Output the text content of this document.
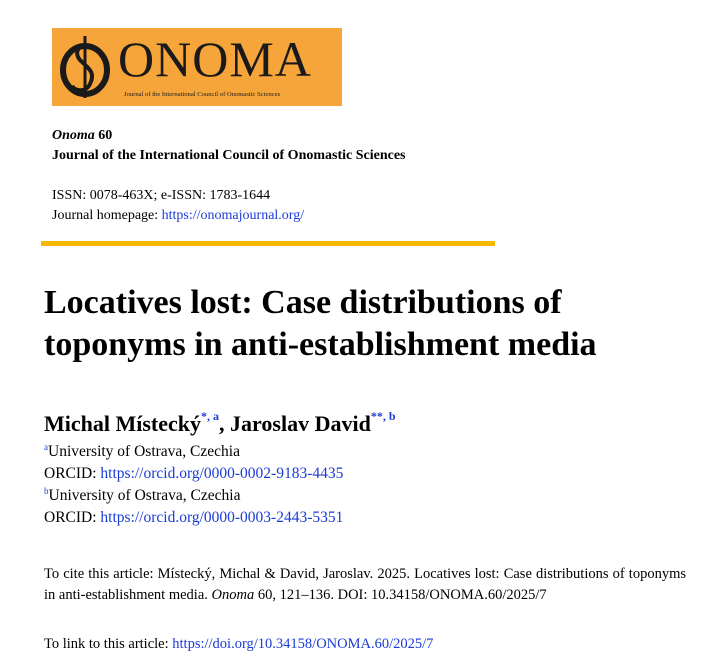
ONOMA
Journal of the International Council of Onomastic Sciences
Onoma 60
Journal of the International Council of Onomastic Sciences
ISSN: 0078-463X; e-ISSN: 1783-1644
Journal homepage: https://onomajournal.org/
Locatives lost: Case distributions of
toponyms in anti-establishment media
Michal Místecký$^{*, a}$, Jaroslav David$^{**, b}$
$^a$University of Ostrava, Czechia
ORCID: https://orcid.org/0000-0002-9183-4435
$^b$University of Ostrava, Czechia
ORCID: https://orcid.org/0000-0003-2443-5351
To cite this article: Místecký, Michal & David, Jaroslav. 2025. Locatives lost: Case distributions of toponyms in anti-establishment media. Onoma 60, 121–136. DOI: 10.34158/ONOMA.60/2025/7
To link to this article: https://doi.org/10.34158/ONOMA.60/2025/7
